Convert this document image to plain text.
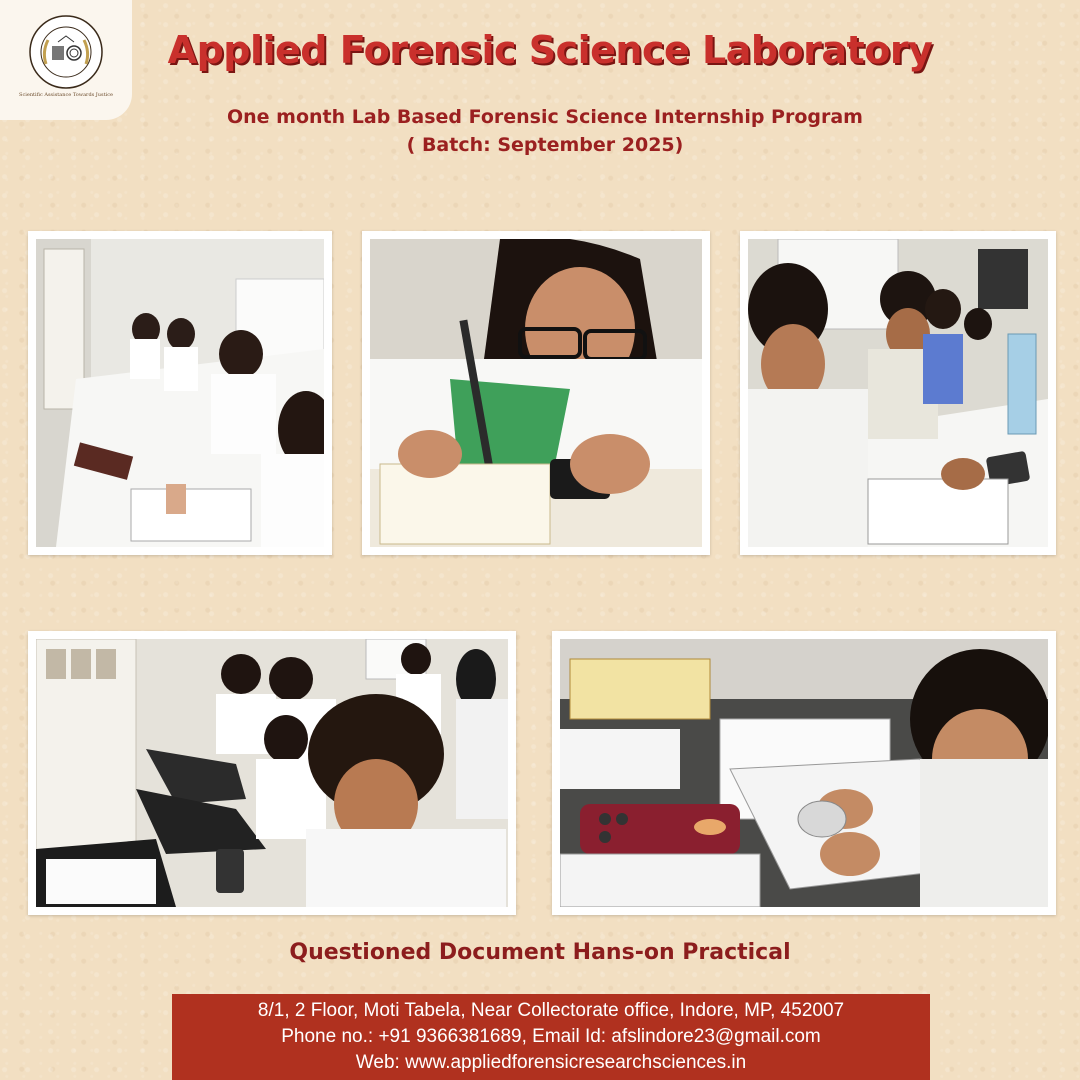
Scientific Assistance Towards Justice
Applied Forensic Science Laboratory
One month Lab Based Forensic Science Internship Program
( Batch: September 2025)
Questioned Document Hans-on Practical
8/1, 2 Floor, Moti Tabela, Near Collectorate office, Indore, MP, 452007
Phone no.: +91 9366381689, Email Id: afslindore23@gmail.com
Web: www.appliedforensicresearchsciences.in
